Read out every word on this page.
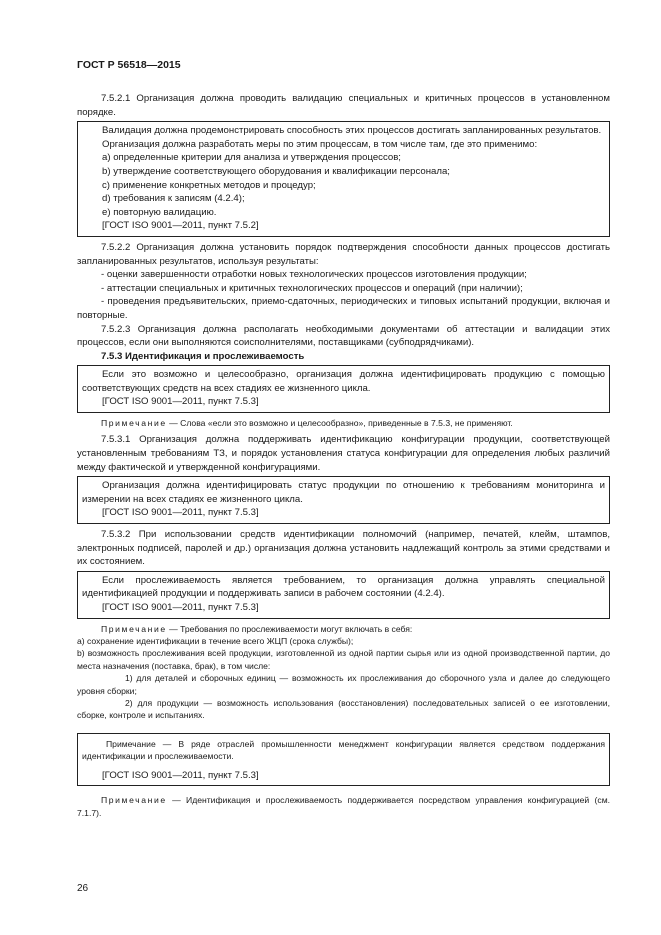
ГОСТ Р 56518—2015

7.5.2.1 Организация должна проводить валидацию специальных и критичных процессов в установленном порядке.

Валидация должна продемонстрировать способность этих процессов достигать запланированных результатов.

Организация должна разработать меры по этим процессам, в том числе там, где это применимо:

а) определенные критерии для анализа и утверждения процессов;

b) утверждение соответствующего оборудования и квалификации персонала;

c) применение конкретных методов и процедур;

d) требования к записям (4.2.4);

e) повторную валидацию.

[ГОСТ ISO 9001—2011, пункт 7.5.2]

7.5.2.2 Организация должна установить порядок подтверждения способности данных процессов достигать запланированных результатов, используя результаты:

- оценки завершенности отработки новых технологических процессов изготовления продукции;

- аттестации специальных и критичных технологических процессов и операций (при наличии);

- проведения предъявительских, приемо-сдаточных, периодических и типовых испытаний продукции, включая и повторные.

7.5.2.3 Организация должна располагать необходимыми документами об аттестации и валидации этих процессов, если они выполняются соисполнителями, поставщиками (субподрядчиками).

7.5.3 Идентификация и прослеживаемость

Если это возможно и целесообразно, организация должна идентифицировать продукцию с помощью соответствующих средств на всех стадиях ее жизненного цикла.

[ГОСТ ISO 9001—2011, пункт 7.5.3]

Примечание — Слова «если это возможно и целесообразно», приведенные в 7.5.3, не применяют.

7.5.3.1 Организация должна поддерживать идентификацию конфигурации продукции, соответствующей установленным требованиям ТЗ, и порядок установления статуса конфигурации для определения любых различий между фактической и утвержденной конфигурациями.

Организация должна идентифицировать статус продукции по отношению к требованиям мониторинга и измерении на всех стадиях ее жизненного цикла.

[ГОСТ ISO 9001—2011, пункт 7.5.3]

7.5.3.2 При использовании средств идентификации полномочий (например, печатей, клейм, штампов, электронных подписей, паролей и др.) организация должна установить надлежащий контроль за этими средствами и их состоянием.

Если прослеживаемость является требованием, то организация должна управлять специальной идентификацией продукции и поддерживать записи в рабочем состоянии (4.2.4).

[ГОСТ ISO 9001—2011, пункт 7.5.3]

Примечание — Требования по прослеживаемости могут включать в себя:

а) сохранение идентификации в течение всего ЖЦП (срока службы);

b) возможность прослеживания всей продукции, изготовленной из одной партии сырья или из одной производственной партии, до места назначения (поставка, брак), в том числе:

1) для деталей и сборочных единиц — возможность их прослеживания до сборочного узла и далее до следующего уровня сборки;

2) для продукции — возможность использования (восстановления) последовательных записей о ее изготовлении, сборке, контроле и испытаниях.

Примечание — В ряде отраслей промышленности менеджмент конфигурации является средством поддержания идентификации и прослеживаемости.

[ГОСТ ISO 9001—2011, пункт 7.5.3]

Примечание — Идентификация и прослеживаемость поддерживается посредством управления конфигурацией (см. 7.1.7).

26
